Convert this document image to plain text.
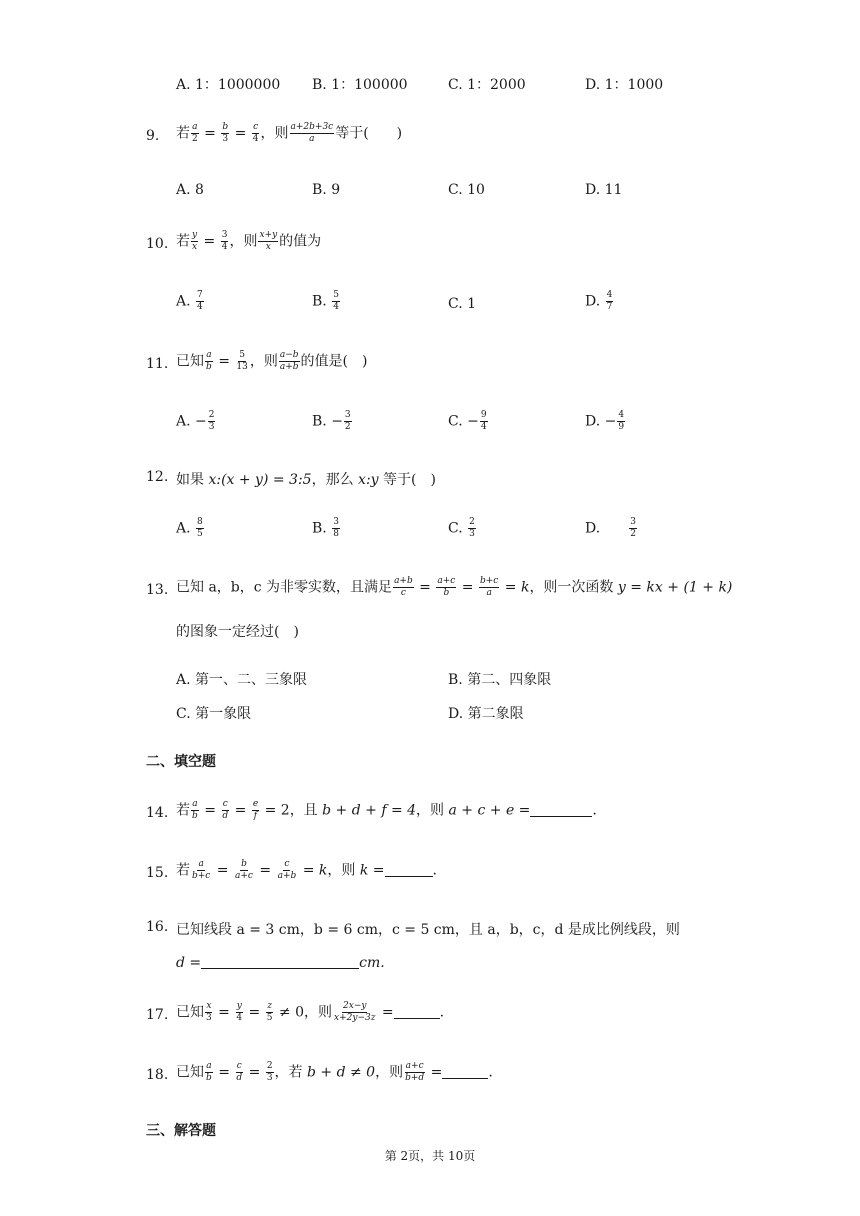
A. 1：1000000 B. 1：100000	C. 1：2000	D. 1：1000
9. 若 $\frac{a}{2} = \frac{b}{3} = \frac{c}{4}$ ，则 $\frac{a+2b+3c}{a}$ 等于(　　)
A. 8	B. 9	C. 10	D. 11
10. 若 $\frac{y}{x} = \frac{3}{4}$ ，则 $\frac{x+y}{x}$ 的值为
A. $\frac{7}{4}$	B. $\frac{5}{4}$	C. 1	D. $\frac{4}{7}$
11. 已知 $\frac{a}{b} = \frac{5}{13}$ ，则 $\frac{a-b}{a+b}$ 的值是(　)
A. − $\frac{2}{3}$	B. − $\frac{3}{2}$	C. − $\frac{9}{4}$	D. − $\frac{4}{9}$
12. 如果 x:(x + y) = 3:5，那么 x:y 等于(　)
A. $\frac{8}{5}$	B. $\frac{3}{8}$	C. $\frac{2}{3}$	D.	$\frac{3}{2}$
13. 已知 a，b，c 为非零实数，且满足 $\frac{a+b}{c} = \frac{a+c}{b} = \frac{b+c}{a} = k$，则一次函数 y = kx + (1 + k)
的图象一定经过(　)
A. 第一、二、三象限	B. 第二、四象限
C. 第一象限	D. 第二象限
二、填空题
14. 若 $\frac{a}{b} = \frac{c}{d} = \frac{e}{f} = 2$，且 b + d + f = 4，则 a + c + e =	.
15. 若 $\frac{a}{b+c} = \frac{b}{a+c} = \frac{c}{a+b} = k$，则 k =	.
16. 已知线段 a = 3 cm，b = 6 cm，c = 5 cm，且 a，b，c，d 是成比例线段，则
d =	cm.
17. 已知 $\frac{x}{3} = \frac{y}{4} = \frac{z}{5} \ne 0$，则 $\frac{2x-y}{x+2y-3z}$ =	.
18. 已知 $\frac{a}{b} = \frac{c}{d} = \frac{2}{3}$ ，若 b + d ≠ 0，则 $\frac{a+c}{b+d}$ =	.
三、解答题
第 2页，共 10页
